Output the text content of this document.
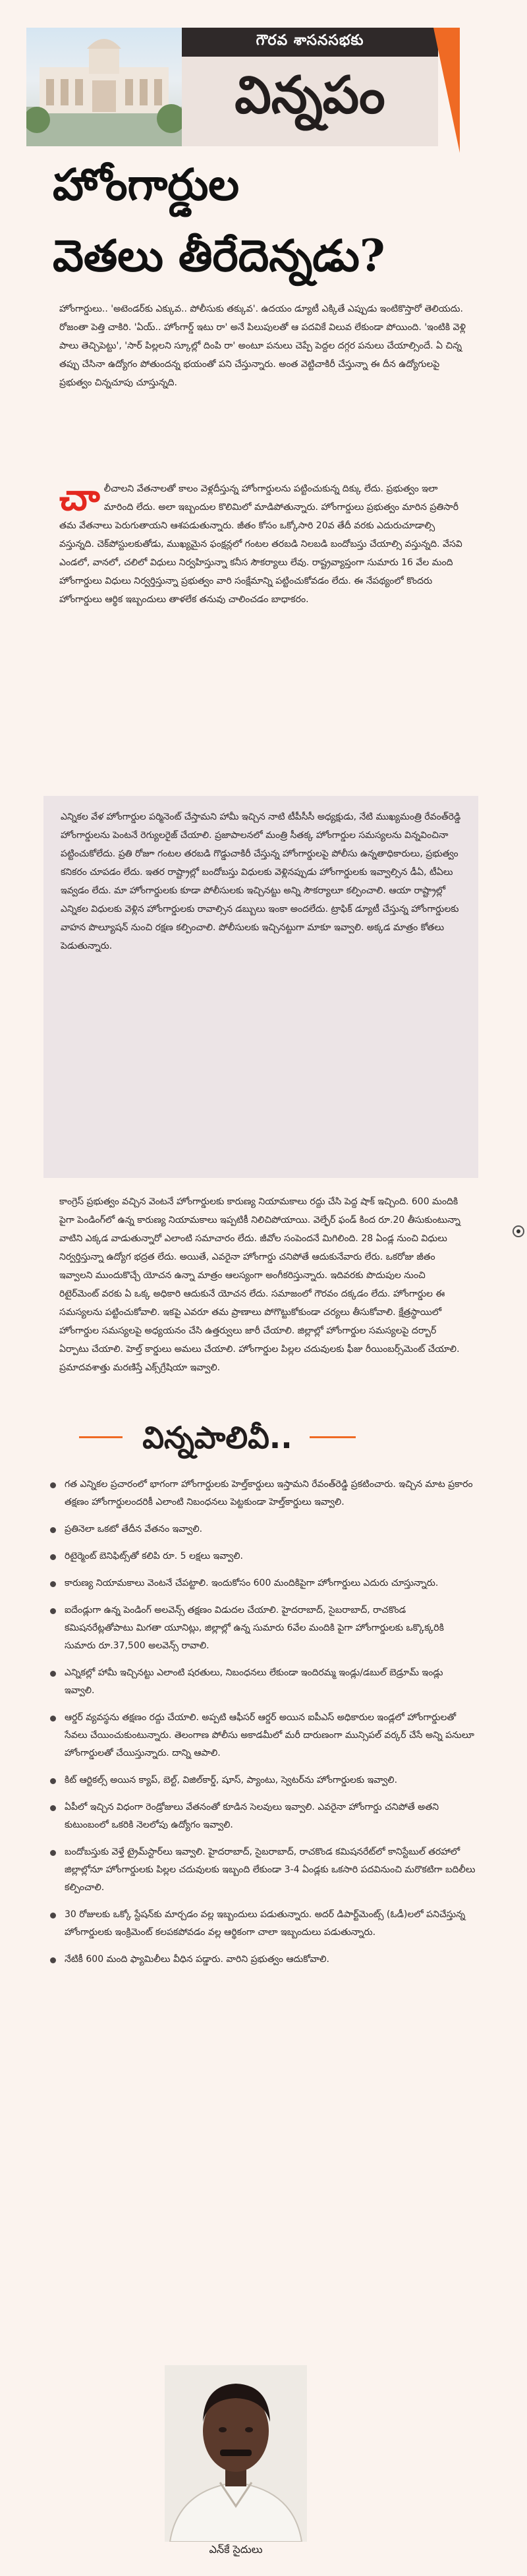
గౌరవ శాసనసభకు
విన్నపం
హోంగార్డుల
వెతలు తీరేదెన్నడు?

హోంగార్డులు.. 'అటెండర్‌కు ఎక్కువ.. పోలీసుకు తక్కువ'. ఉదయం డ్యూటీ ఎక్కితే ఎప్పుడు ఇంటికొస్తారో తెలియదు. రోజంతా పెత్తి చాకిరి. 'ఏయ్.. హోంగార్డ్‌ ఇటు రా' అనే పిలుపులతో ఆ పదవికే విలువ లేకుండా పోయింది. 'ఇంటికి వెళ్లి పాలు తెచ్చిపెట్టు', 'సార్‌ పిల్లలని స్కూల్లో దింపి రా' అంటూ పనులు చెప్పే పెద్దల దగ్గర పనులు చేయాల్సిందే. ఏ చిన్న తప్పు చేసినా ఉద్యోగం పోతుందన్న భయంతో పని చేస్తున్నారు. అంత వెట్టిచాకిరీ చేస్తున్నా ఈ దీన ఉద్యోగులపై ప్రభుత్వం చిన్నచూపు చూస్తున్నది.

చాలీచాలని వేతనాలతో కాలం వెళ్లదీస్తున్న హోంగార్డులను పట్టించుకున్న దిక్కు లేదు. ప్రభుత్వం ఇలా మారింది లేదు. అలా ఇబ్బందుల కొలిమిలో మాడిపోతున్నారు. హోంగార్డులు ప్రభుత్వం మారిన ప్రతిసారీ తమ వేతనాలు పెరుగుతాయని ఆశపడుతున్నారు. జీతం కోసం ఒక్కోసారి 20వ తేదీ వరకు ఎదురుచూడాల్సి వస్తున్నది. చెక్‌పోస్టులకుతోడు, ముఖ్యమైన ఫంక్షన్లలో గంటల తరబడి నిలబడి బందోబస్తు చేయాల్సి వస్తున్నది. వేసవి ఎండలో, వానలో, చలిలో విధులు నిర్వహిస్తున్నా కనీస సౌకర్యాలు లేవు. రాష్ట్రవ్యాప్తంగా సుమారు 16 వేల మంది హోంగార్డులు విధులు నిర్వర్తిస్తున్నా ప్రభుత్వం వారి సంక్షేమాన్ని పట్టించుకోవడం లేదు. ఈ నేపథ్యంలో కొందరు హోంగార్డులు ఆర్థిక ఇబ్బందులు తాళలేక తనువు చాలించడం బాధాకరం.

ఎన్నికల వేళ హోంగార్డుల పర్మినెంట్‌ చేస్తామని హామీ ఇచ్చిన నాటి టీపీసీసీ అధ్యక్షుడు, నేటి ముఖ్యమంత్రి రేవంత్‌రెడ్డి హోంగార్డులను పెంటనే రెగ్యులరైజ్‌ చేయాలి. ప్రజాపాలనలో మంత్రి సీతక్క హోంగార్డుల సమస్యలను విన్నవించినా పట్టించుకోలేదు. ప్రతి రోజూ గంటల తరబడి గొడ్డుచాకిరీ చేస్తున్న హోంగార్డులపై పోలీసు ఉన్నతాధికారులు, ప్రభుత్వం కనికరం చూపడం లేదు. ఇతర రాష్ట్రాల్లో బందోబస్తు విధులకు వెళ్లినప్పుడు హోంగార్డులకు ఇవ్వాల్సిన డీఏ, టీఏలు ఇవ్వడం లేదు. మా హోంగార్డులకు కూడా పోలీసులకు ఇచ్చినట్టు అన్ని సౌకర్యాలూ కల్పించాలి. ఆయా రాష్ట్రాల్లో ఎన్నికల విధులకు వెళ్లిన హోంగార్డులకు రావాల్సిన డబ్బులు ఇంకా అందలేదు. ట్రాఫిక్‌ డ్యూటీ చేస్తున్న హోంగార్డులకు వాహన పొల్యూషన్‌ నుంచి రక్షణ కల్పించాలి. పోలీసులకు ఇచ్చినట్టుగా మాకూ ఇవ్వాలి. అక్కడ మాత్రం కోతలు పెడుతున్నారు.

కాంగ్రెస్‌ ప్రభుత్వం వచ్చిన వెంటనే హోంగార్డులకు కారుణ్య నియామకాలు రద్దు చేసి పెద్ద షాక్‌ ఇచ్చింది. 600 మందికి పైగా పెండింగ్‌లో ఉన్న కారుణ్య నియామకాలు ఇప్పటికీ నిలిచిపోయాయి. వెల్ఫేర్‌ ఫండ్‌ కింద రూ.20 తీసుకుంటున్నా వాటిని ఎక్కడ వాడుతున్నారో ఎలాంటి సమాచారం లేదు. జీవోల సంపెందనే మిగిలింది. 28 ఏండ్ల నుంచి విధులు నిర్వర్తిస్తున్నా ఉద్యోగ భద్రత లేదు. అయితే, ఎవరైనా హోంగార్డు చనిపోతే ఆదుకునేవారు లేరు. ఒకరోజు జీతం ఇవ్వాలని ముందుకొచ్చే యోచన ఉన్నా మాత్రం ఆలస్యంగా అంగీకరిస్తున్నారు. ఇదివరకు పొదుపుల నుంచి రిటైర్‌మెంట్‌ వరకు ఏ ఒక్క అధికారి ఆదుకునే యోచన లేదు. సమాజంలో గౌరవం దక్కడం లేదు. హోంగార్డుల ఈ సమస్యలను పట్టించుకోవాలి. ఇకపై ఎవరూ తమ ప్రాణాలు పోగొట్టుకోకుండా చర్యలు తీసుకోవాలి. క్షేత్రస్థాయిలో హోంగార్డుల సమస్యలపై అధ్యయనం చేసి ఉత్తర్వులు జారీ చేయాలి. జిల్లాల్లో హోంగార్డుల సమస్యలపై దర్బార్‌ ఏర్పాటు చేయాలి. హెల్త్‌ కార్డులు అమలు చేయాలి. హోంగార్డుల పిల్లల చదువులకు ఫీజు రీయింబర్స్‌మెంట్‌ చేయాలి. ప్రమాదవశాత్తు మరణిస్తే ఎక్స్‌గ్రేషియా ఇవ్వాలి.

విన్నపాలివీ..
గత ఎన్నికల ప్రచారంలో భాగంగా హోంగార్డులకు హెల్త్‌కార్డులు ఇస్తామని రేవంత్‌రెడ్డి ప్రకటించారు. ఇచ్చిన మాట ప్రకారం తక్షణం హోంగార్డులందరికీ ఎలాంటి నిబంధనలు పెట్టకుండా హెల్త్‌కార్డులు ఇవ్వాలి.
ప్రతినెలా ఒకటో తేదీన వేతనం ఇవ్వాలి.
రిటైర్మెంట్‌ బెనిఫిట్స్‌తో కలిపి రూ. 5 లక్షలు ఇవ్వాలి.
కారుణ్య నియామకాలు వెంటనే చేపట్టాలి. ఇందుకోసం 600 మందికిపైగా హోంగార్డులు ఎదురు చూస్తున్నారు.
ఐదేండ్లుగా ఉన్న పెండింగ్‌ అలవెన్స్‌ తక్షణం విడుదల చేయాలి. హైదరాబాద్‌, సైబరాబాద్‌, రాచకొండ కమిషనరేట్లతోపాటు మిగతా యూనిట్లు, జిల్లాల్లో ఉన్న సుమారు 6వేల మందికి పైగా హోంగార్డులకు ఒక్కొక్కరికి సుమారు రూ.37,500 అలవెన్స్‌ రావాలి.
ఎన్నికల్లో హామీ ఇచ్చినట్టు ఎలాంటి షరతులు, నిబంధనలు లేకుండా ఇందిరమ్మ ఇండ్లు/డబుల్‌ బెడ్రూమ్‌ ఇండ్లు ఇవ్వాలి.
ఆర్డర్‌ వ్యవస్థను తక్షణం రద్దు చేయాలి. అప్పటి ఆఫీసర్‌ ఆర్డర్‌ అయిన ఐపీఎస్‌ అధికారుల ఇండ్లలో హోంగార్డులతో సేవలు చేయించుకుంటున్నారు. తెలంగాణ పోలీసు అకాడమీలో మరీ దారుణంగా మున్సిపల్‌ వర్కర్‌ చేసే అన్ని పనులూ హోంగార్డులతో చేయిస్తున్నారు. దాన్ని ఆపాలి.
కిట్‌ ఆర్టికల్స్‌ అయిన క్యాప్‌, బెల్ట్‌, విజిల్‌కార్డ్‌, షూస్‌, ప్యాంటు, స్వెటర్‌ను హోంగార్డులకు ఇవ్వాలి.
ఏపీలో ఇచ్చిన విధంగా రెండ్రోజులు వేతనంతో కూడిన సెలవులు ఇవ్వాలి. ఎవరైనా హోంగార్డు చనిపోతే అతని కుటుంబంలో ఒకరికి నెలలోపు ఉద్యోగం ఇవ్వాలి.
బందోబస్తుకు వెళ్తే ట్రైమ్‌స్టార్‌లు ఇవ్వాలి. హైదరాబాద్‌, సైబరాబాద్‌, రాచకొండ కమిషనరేట్‌లో కానిస్టేబుల్‌ తరహాలో జిల్లాల్లోనూ హోంగార్డులకు పిల్లల చదువులకు ఇబ్బంది లేకుండా 3-4 ఏండ్లకు ఒకసారి పదవినుంచి మరొకటిగా బదిలీలు కల్పించాలి.
30 రోజులకు ఒక్కో స్టేషన్‌కు మార్చడం వల్ల ఇబ్బందులు పడుతున్నారు. అదర్‌ డిపార్ట్‌మెంట్స్‌ (ఓడీ)లలో పనిచేస్తున్న హోంగార్డులకు ఇంక్రిమెంట్‌ కలపకపోవడం వల్ల ఆర్థికంగా చాలా ఇబ్బందులు పడుతున్నారు.
నేటికీ 600 మంది ఫ్యామిలీలు వీధిన పడ్డారు. వారిని ప్రభుత్వం ఆదుకోవాలి.
ఎన్‌కే సైదులు
